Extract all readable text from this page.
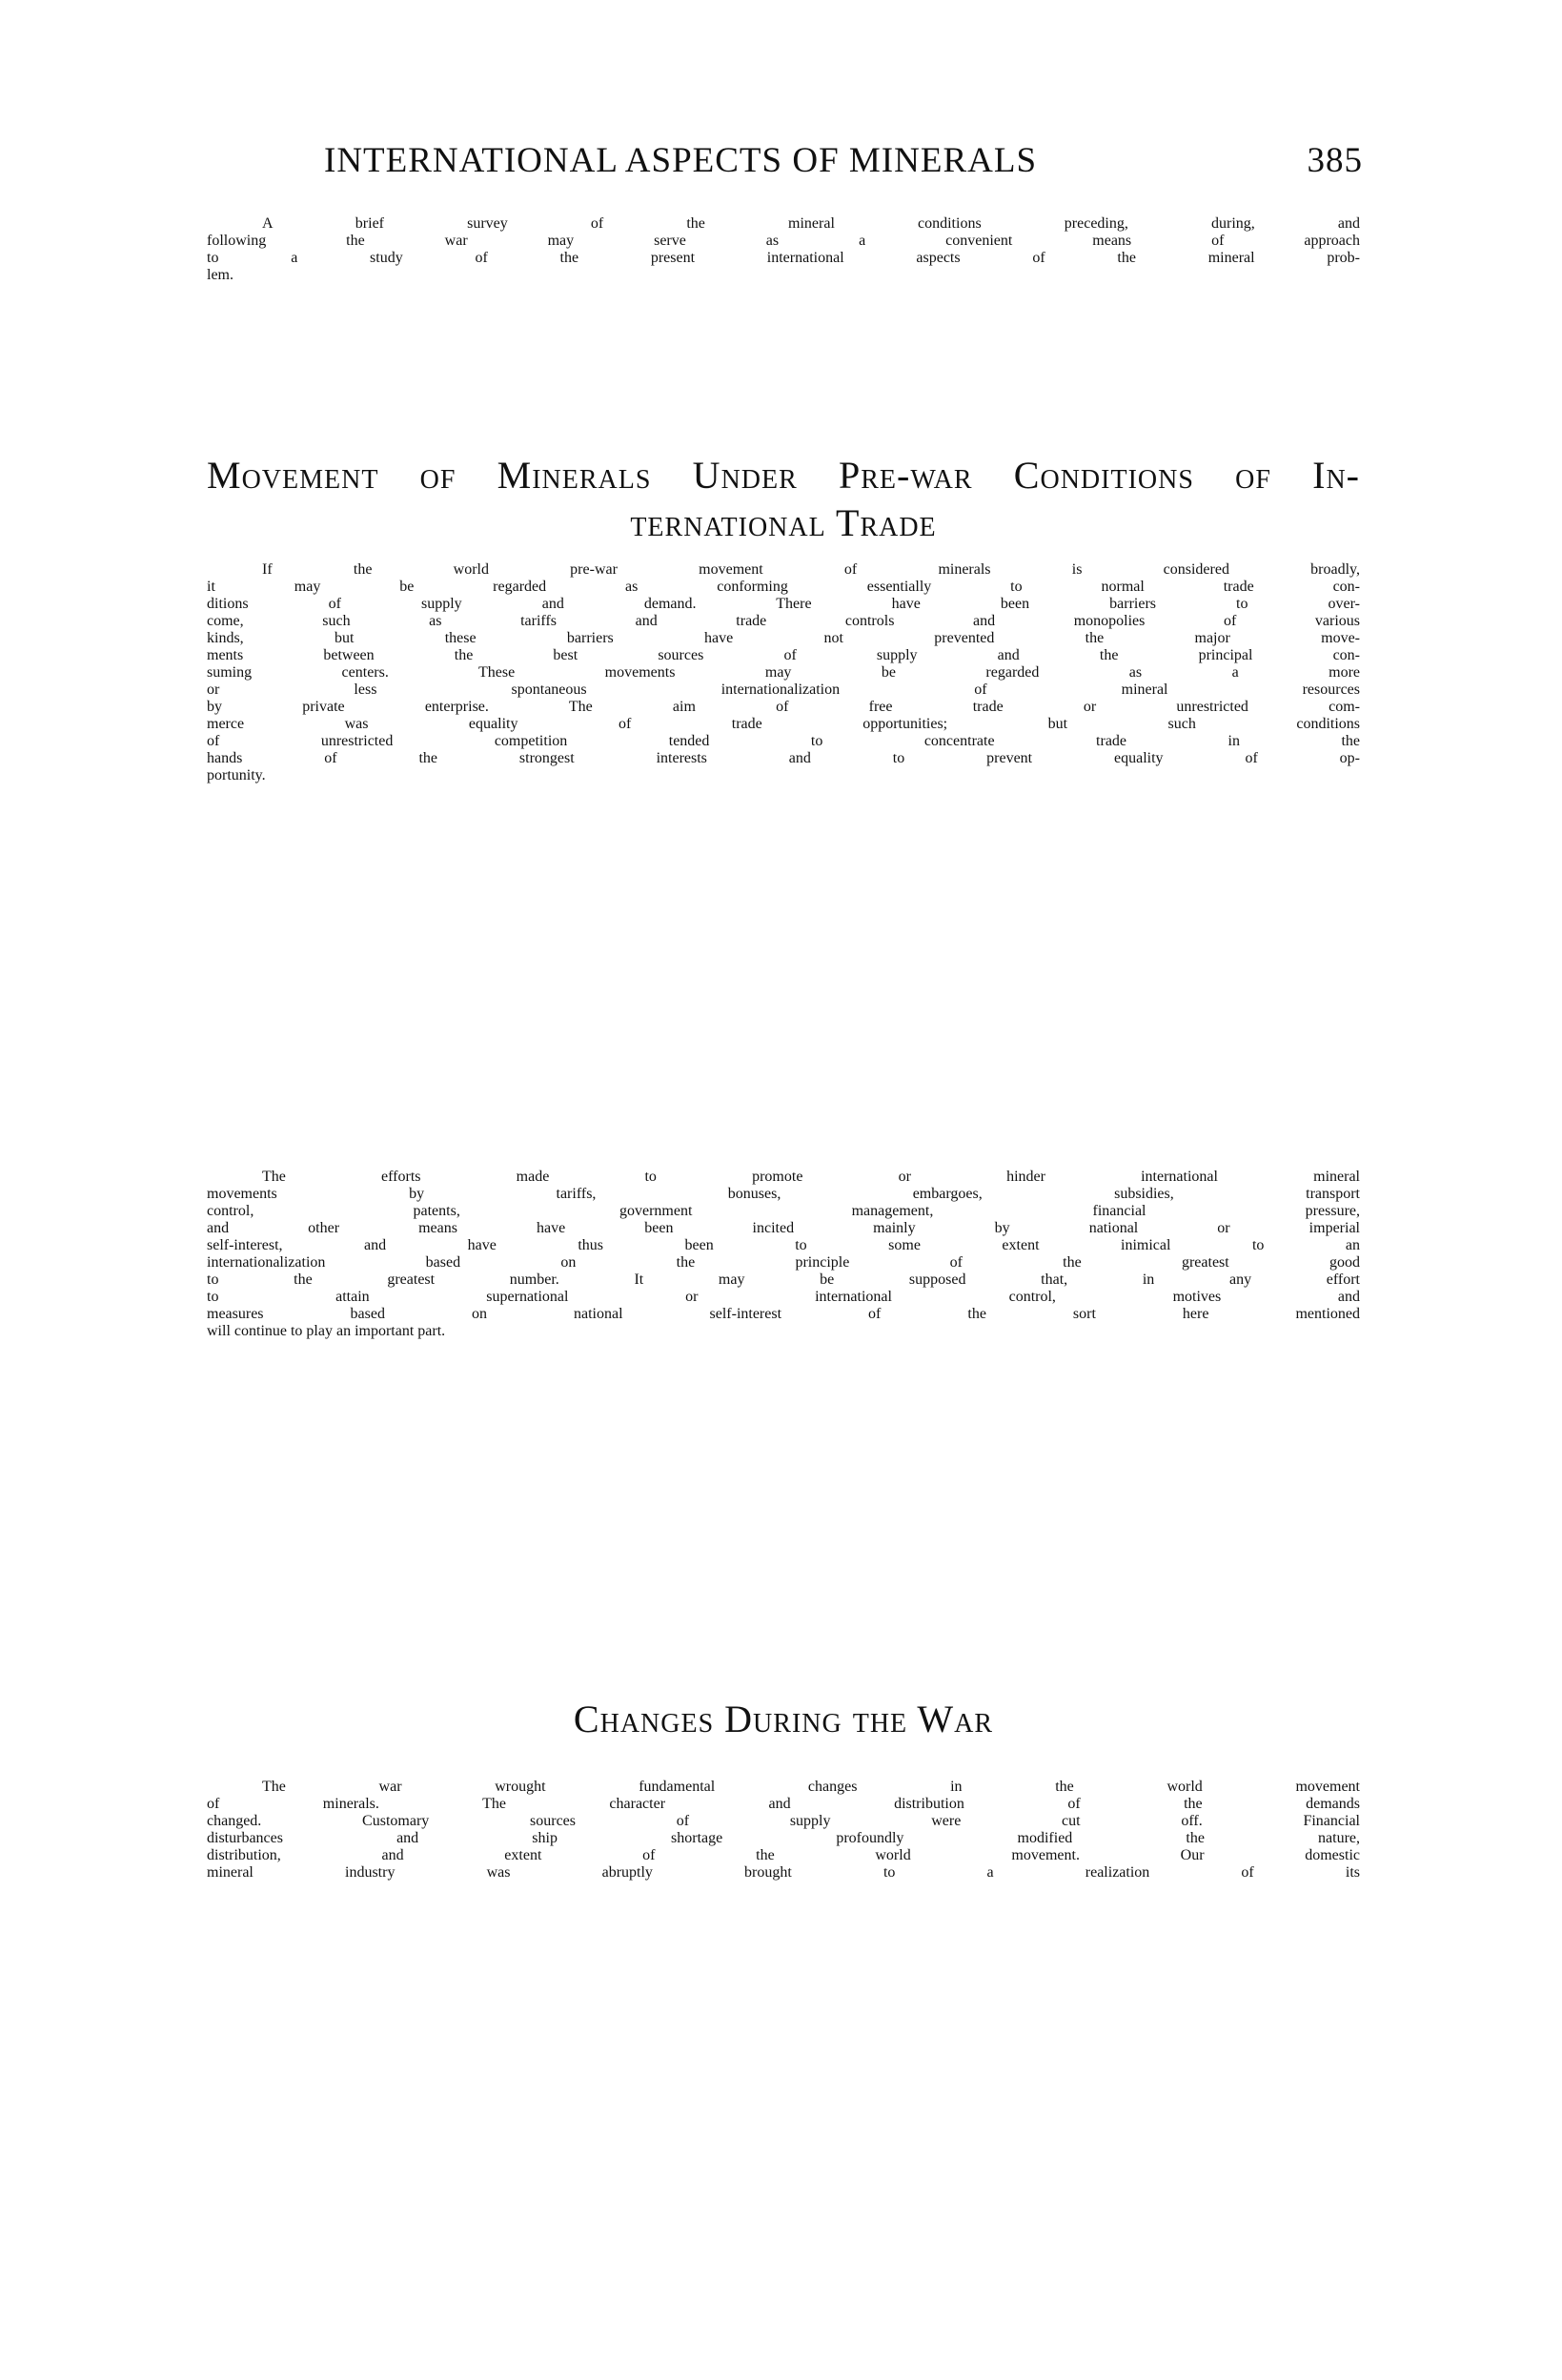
INTERNATIONAL ASPECTS OF MINERALS	385
A brief survey of the mineral conditions preceding, during, and
following the war may serve as a convenient means of approach
to a study of the present international aspects of the mineral prob-
lem.
Movement of Minerals Under Pre-war Conditions of In-
ternational Trade
If the world pre-war movement of minerals is considered broadly,
it may be regarded as conforming essentially to normal trade con-
ditions of supply and demand. There have been barriers to over-
come, such as tariffs and trade controls and monopolies of various
kinds, but these barriers have not prevented the major move-
ments between the best sources of supply and the principal con-
suming centers. These movements may be regarded as a more
or less spontaneous internationalization of mineral resources
by private enterprise. The aim of free trade or unrestricted com-
merce was equality of trade opportunities; but such conditions
of unrestricted competition tended to concentrate trade in the
hands of the strongest interests and to prevent equality of op-
portunity.
The efforts made to promote or hinder international mineral
movements by tariffs, bonuses, embargoes, subsidies, transport
control, patents, government management, financial pressure,
and other means have been incited mainly by national or imperial
self-interest, and have thus been to some extent inimical to an
internationalization based on the principle of the greatest good
to the greatest number. It may be supposed that, in any effort
to attain supernational or international control, motives and
measures based on national self-interest of the sort here mentioned
will continue to play an important part.
Changes During the War
The war wrought fundamental changes in the world movement
of minerals. The character and distribution of the demands
changed. Customary sources of supply were cut off. Financial
disturbances and ship shortage profoundly modified the nature,
distribution, and extent of the world movement. Our domestic
mineral industry was abruptly brought to a realization of its
